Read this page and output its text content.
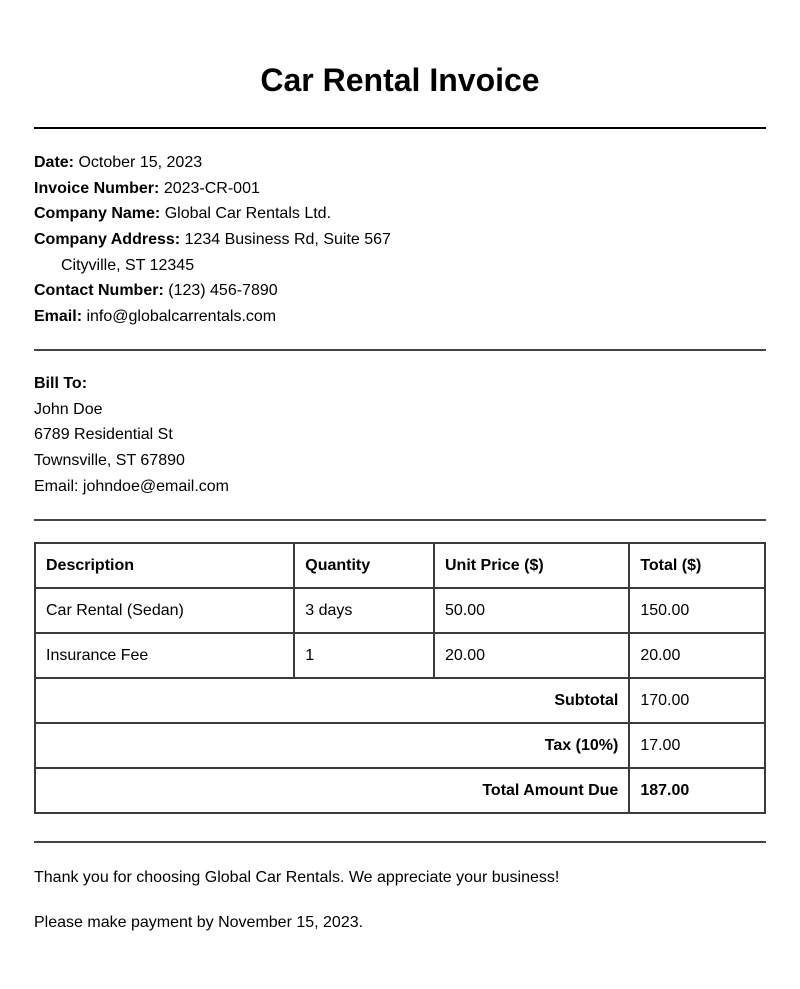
Car Rental Invoice
Date: October 15, 2023
Invoice Number: 2023-CR-001
Company Name: Global Car Rentals Ltd.
Company Address: 1234 Business Rd, Suite 567
Cityville, ST 12345
Contact Number: (123) 456-7890
Email: info@globalcarrentals.com
Bill To:
John Doe
6789 Residential St
Townsville, ST 67890
Email: johndoe@email.com
Description	Quantity	Unit Price ($)	Total ($)
Car Rental (Sedan)	3 days	50.00	150.00
Insurance Fee	1	20.00	20.00
Subtotal			170.00
Tax (10%)			17.00
Total Amount Due			187.00
Thank you for choosing Global Car Rentals. We appreciate your business!
Please make payment by November 15, 2023.
